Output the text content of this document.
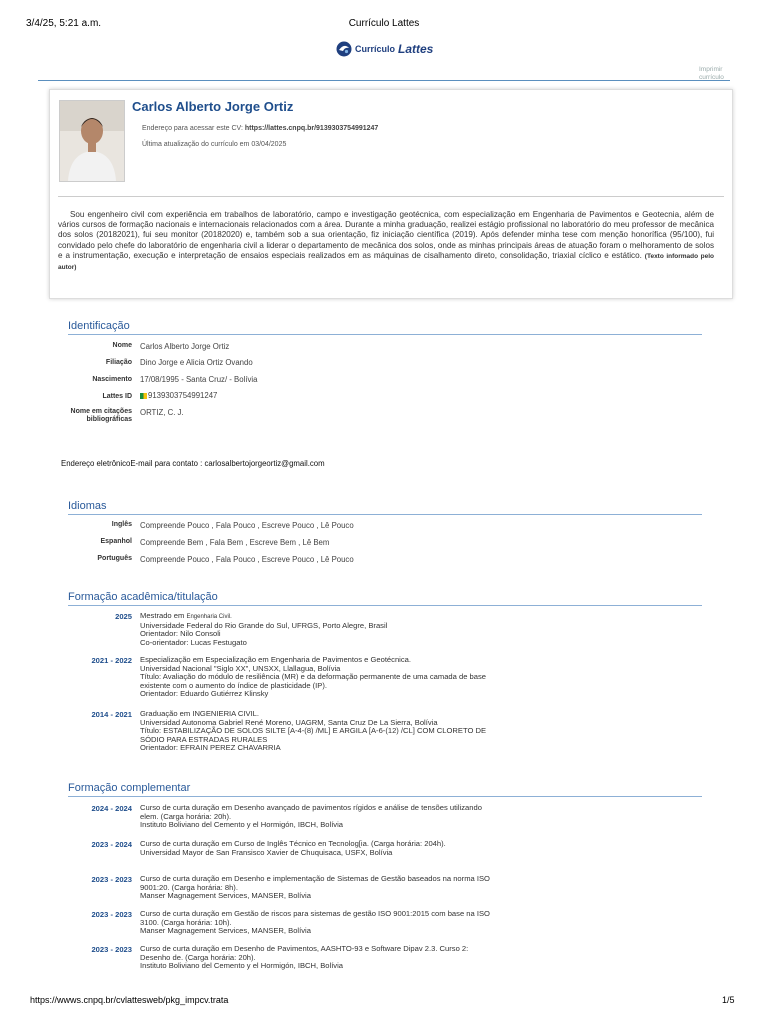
3/4/25, 5:21 a.m.	Currículo Lattes
Currículo Lattes
Imprimir currículo
Carlos Alberto Jorge Ortiz
Endereço para acessar este CV: https://lattes.cnpq.br/9139303754991247
Última atualização do currículo em 03/04/2025
Sou engenheiro civil com experiência em trabalhos de laboratório, campo e investigação geotécnica, com especialização em Engenharia de Pavimentos e Geotecnia, além de vários cursos de formação nacionais e internacionais relacionados com a área. Durante a minha graduação, realizei estágio profissional no laboratório do meu professor de mecânica dos solos (20182021), fui seu monitor (20182020) e, também sob a sua orientação, fiz iniciação científica (2019). Após defender minha tese com menção honorífica (95/100), fui convidado pelo chefe do laboratório de engenharia civil a liderar o departamento de mecânica dos solos, onde as minhas principais áreas de atuação foram o melhoramento de solos e a instrumentação, execução e interpretação de ensaios especiais realizados em as máquinas de cisalhamento direto, consolidação, triaxial cíclico e estático. (Texto informado pelo autor)
Identificação
Nome Carlos Alberto Jorge Ortiz
Filiação Dino Jorge e Alicia Ortiz Ovando
Nascimento 17/08/1995 - Santa Cruz/ - Bolívia
Lattes ID	9139303754991247
Nome em citações bibliográficas
ORTIZ, C. J.
Endereço eletrônicoE-mail para contato : carlosalbertojorgeortiz@gmail.com
Idiomas
Inglês Compreende Pouco , Fala Pouco , Escreve Pouco , Lê Pouco
Espanhol Compreende Bem , Fala Bem , Escreve Bem , Lê Bem
Português Compreende Pouco , Fala Pouco , Escreve Pouco , Lê Pouco
Formação acadêmica/titulação
2025 Mestrado em Engenharia Civil.
Universidade Federal do Rio Grande do Sul, UFRGS, Porto Alegre, Brasil
Orientador: Nilo Consoli
Co-orientador: Lucas Festugato
2021 - 2022 Especialização em Especialização em Engenharia de Pavimentos e Geotécnica.
Universidad Nacional "Siglo XX", UNSXX, Llallagua, Bolívia
Título: Avaliação do módulo de resiliência (MR) e da deformação permanente de uma camada de base existente com o aumento do índice de plasticidade (IP).
Orientador: Eduardo Gutiérrez Klinsky
2014 - 2021 Graduação em INGENIERIA CIVIL.
Universidad Autonoma Gabriel René Moreno, UAGRM, Santa Cruz De La Sierra, Bolívia
Título: ESTABILIZAÇÃO DE SOLOS SILTE [A-4-(8) /ML] E ARGILA [A-6-(12) /CL] COM CLORETO DE SÓDIO PARA ESTRADAS RURALES
Orientador: EFRAIN PEREZ CHAVARRIA
Formação complementar
2024 - 2024 Curso de curta duração em Desenho avançado de pavimentos rígidos e análise de tensões utilizando elem. (Carga horária: 20h).
Instituto Boliviano del Cemento y el Hormigón, IBCH, Bolívia
2023 - 2024 Curso de curta duração em Curso de Inglês Técnico en Tecnolog[ia. (Carga horária: 204h).
Universidad Mayor de San Fransisco Xavier de Chuquisaca, USFX, Bolívia
2023 - 2023 Curso de curta duração em Desenho e implementação de Sistemas de Gestão baseados na norma ISO 9001:20. (Carga horária: 8h).
Manser Magnagement Services, MANSER, Bolívia
2023 - 2023 Curso de curta duração em Gestão de riscos para sistemas de gestão ISO 9001:2015 com base na ISO 3100. (Carga horária: 10h).
Manser Magnagement Services, MANSER, Bolívia
2023 - 2023 Curso de curta duração em Desenho de Pavimentos, AASHTO-93 e Software Dipav 2.3. Curso 2: Desenho de. (Carga horária: 20h).
Instituto Boliviano del Cemento y el Hormigón, IBCH, Bolívia
https://wwws.cnpq.br/cvlattesweb/pkg_impcv.trata	1/5
